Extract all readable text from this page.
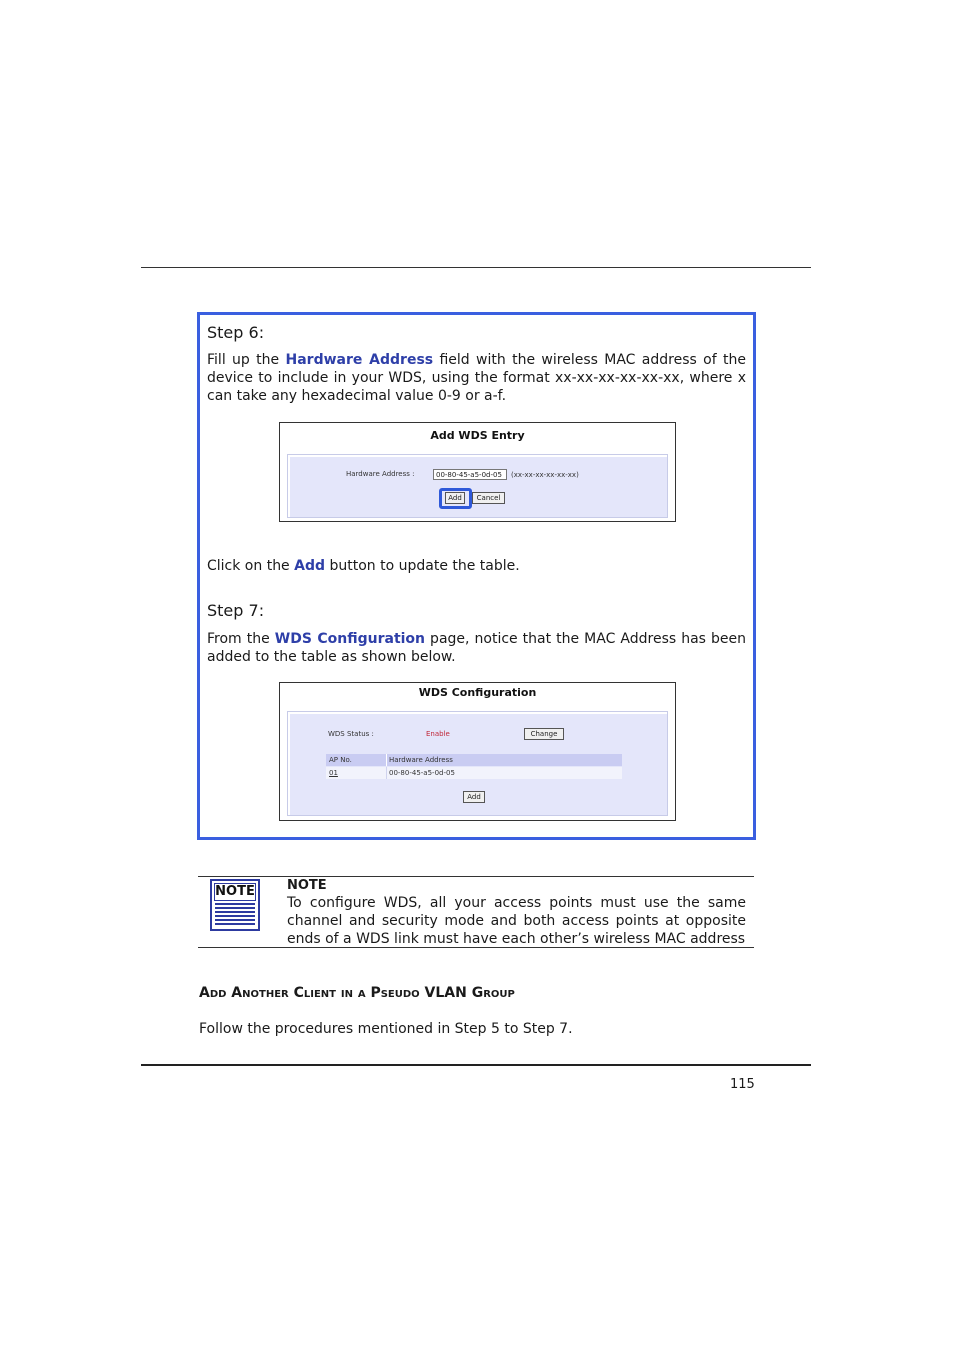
Step 6:
Fill up the Hardware Address field with the wireless MAC address of the device to include in your WDS, using the format xx-xx-xx-xx-xx-xx, where x can take any hexadecimal value 0-9 or a-f.
Add WDS Entry
Hardware Address :	00-80-45-a5-0d-05	(xx-xx-xx-xx-xx-xx)
Add	Cancel
Click on the Add button to update the table.
Step 7:
From the WDS Configuration page, notice that the MAC Address has been added to the table as shown below.
WDS Configuration
WDS Status :	Enable	Change
AP No.	Hardware Address
01	00-80-45-a5-0d-05
Add
NOTE NOTE
To configure WDS, all your access points must use the same channel and security mode and both access points at opposite ends of a WDS link must have each other’s wireless MAC address
Add Another Client in a Pseudo VLAN Group
Follow the procedures mentioned in Step 5 to Step 7.
115
